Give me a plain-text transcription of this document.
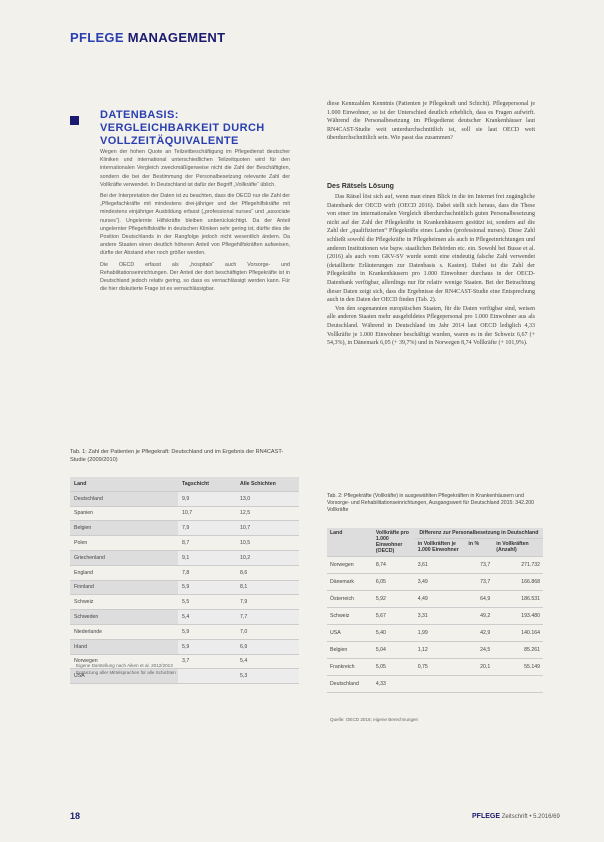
PFLEGE MANAGEMENT
DATENBASIS: VERGLEICHBARKEIT DURCH VOLLZEITÄQUIVALENTE

Wegen der hohen Quote an Teilzeitbeschäftigung im Pflegedienst deutscher Kliniken und international unterschiedlichen Teilzeitquoten wird für den internationalen Vergleich zweckmäßigerweise nicht die Zahl der Beschäftigten, sondern die bei der Bestimmung der Personalbesetzung relevante Zahl der Vollkräfte verwendet. In Deutschland ist dafür der Begriff „Vollkräfte“ üblich.

Bei der Interpretation der Daten ist zu beachten, dass die OECD nur die Zahl der „Pflegefachkräfte mit mindestens drei-jähriger und der Pflegehilfskräfte mit mindestens einjähriger Ausbildung erfasst („professional nurses“ und „associate nurses“). Ungelernte Hilfskräfte bleiben unberücksichtigt. Da der Anteil ungelernter Pflegehilfskräfte in deutschen Kliniken sehr gering ist, dürfte dies die Position Deutschlands in der Rangfolge jedoch nicht wesentlich ändern. Da andere Staaten einen deutlich höheren Anteil von Pflegehilfskräften aufweisen, dürfte der Abstand eher noch größer werden.

Die OECD erfasst als „hospitals“ auch Vorsorge- und Rehabilitationseinrichtungen. Der Anteil der dort beschäftigten Pflegekräfte ist in Deutschland jedoch relativ gering, so dass es vernachlässigt werden kann. Für die hier diskutierte Frage ist es vernachlässigbar.

diese Kennzahlen Kenntnis (Patienten je Pflegekraft und Schicht). Pflegepersonal je 1.000 Einwohner, so ist der Unterschied deutlich erheblich, dass es Fragen aufwirft. Während die Personalbesetzung im Pflegedienst deutscher Krankenhäuser laut RN4CAST-Studie weit unterdurchschnittlich ist, soll sie laut OECD weit überdurchschnittlich sein. Wie passt das zusammen?

Des Rätsels Lösung

Das Rätsel löst sich auf, wenn man einen Blick in die im Internet frei zugängliche Datenbank der OECD wirft (OECD 2016). Dabei stellt sich heraus, dass die These von einer im internationalen Vergleich überdurchschnittlich guten Personalbesetzung nicht auf der Zahl der Pflegekräfte in Krankenhäusern gestützt ist, sondern auf die Zahl der „qualifizierten“ Pflegekräfte eines Landes (professional nurses). Diese Zahl schließt sowohl die Pflegekräfte in Pflegeheimen als auch in Pflegeeinrichtungen und anderen Institutionen wie bspw. staatlichen Behörden etc. ein. Sowohl bei Busse et al. (2016) als auch vom GKV-SV wurde somit eine eindeutig falsche Zahl verwendet (detaillierte Erläuterungen zur Datenbasis s. Kasten). Dabei ist die Zahl der Pflegekräfte in Krankenhäusern pro 1.000 Einwohner durchaus in der OECD-Datenbank verfügbar, allerdings nur für relativ wenige Staaten. Bei der Betrachtung dieser Daten zeigt sich, dass die Ergebnisse der RN4CAST-Studie eine Entsprechung auch in den Daten der OECD finden (Tab. 2).

Von den sogenannten europäischen Staaten, für die Daten verfügbar sind, weisen alle anderen Staaten mehr ausgebildetes Pflegepersonal pro 1.000 Einwohner aus als Deutschland. Während in Deutschland im Jahr 2014 laut OECD lediglich 4,33 Vollkräfte je 1.000 Einwohner beschäftigt wurden, waren es in der Schweiz 6,67 (+ 54,3%), in Dänemark 6,05 (+ 39,7%) und in Norwegen 8,74 Vollkräfte (+ 101,9%).

Tab. 1: Zahl der Patienten je Pflegekraft: Deutschland und im Ergebnis der RN4CAST-Studie (2009/2010)
Land	Tagschicht	Alle Schichten
Deutschland	9,9	13,0
Spanien	10,7	12,5
Belgien	7,9	10,7
Polen	8,7	10,5
Griechenland	9,1	10,2
England	7,8	8,6
Finnland	5,9	8,1
Schweiz	5,5	7,9
Schweden	5,4	7,7
Niederlande	5,9	7,0
Irland	5,9	6,9
Norwegen	3,7	5,4
USA		5,3
Eigene Darstellung nach Aiken et al. 2012/2013
Ergänzung aller Mittelsprachen für alle Schichten
Tab. 2: Pflegekräfte (Vollkräfte) in ausgewählten Pflegekräften in Krankenhäusern und Vorsorge- und Rehabilitationseinrichtungen, Ausgangswert für Deutschland 2015: 342.200 Vollkräfte
Land	Vollkräfte pro 1.000 Einwohner (OECD)	Differenz zur Personalbesetzung in Deutschland		
		in Vollkräften je 1.000 Einwohner	in %	in Vollkräften (Anzahl)
Norwegen	8,74	3,61	73,7	271.732
Dänemark	6,05	3,49	73,7	166.868
Österreich	5,92	4,49	64,9	186.531
Schweiz	5,67	3,31	49,2	193.480
USA	5,40	1,99	42,9	140.164
Belgien	5,04	1,12	24,5	85.261
Frankreich	5,05	0,75	20,1	55.149
Deutschland	4,33			
Quelle: OECD 2016; eigene Berechnungen
18	PFLEGE Zeitschrift • 5.2016/69
